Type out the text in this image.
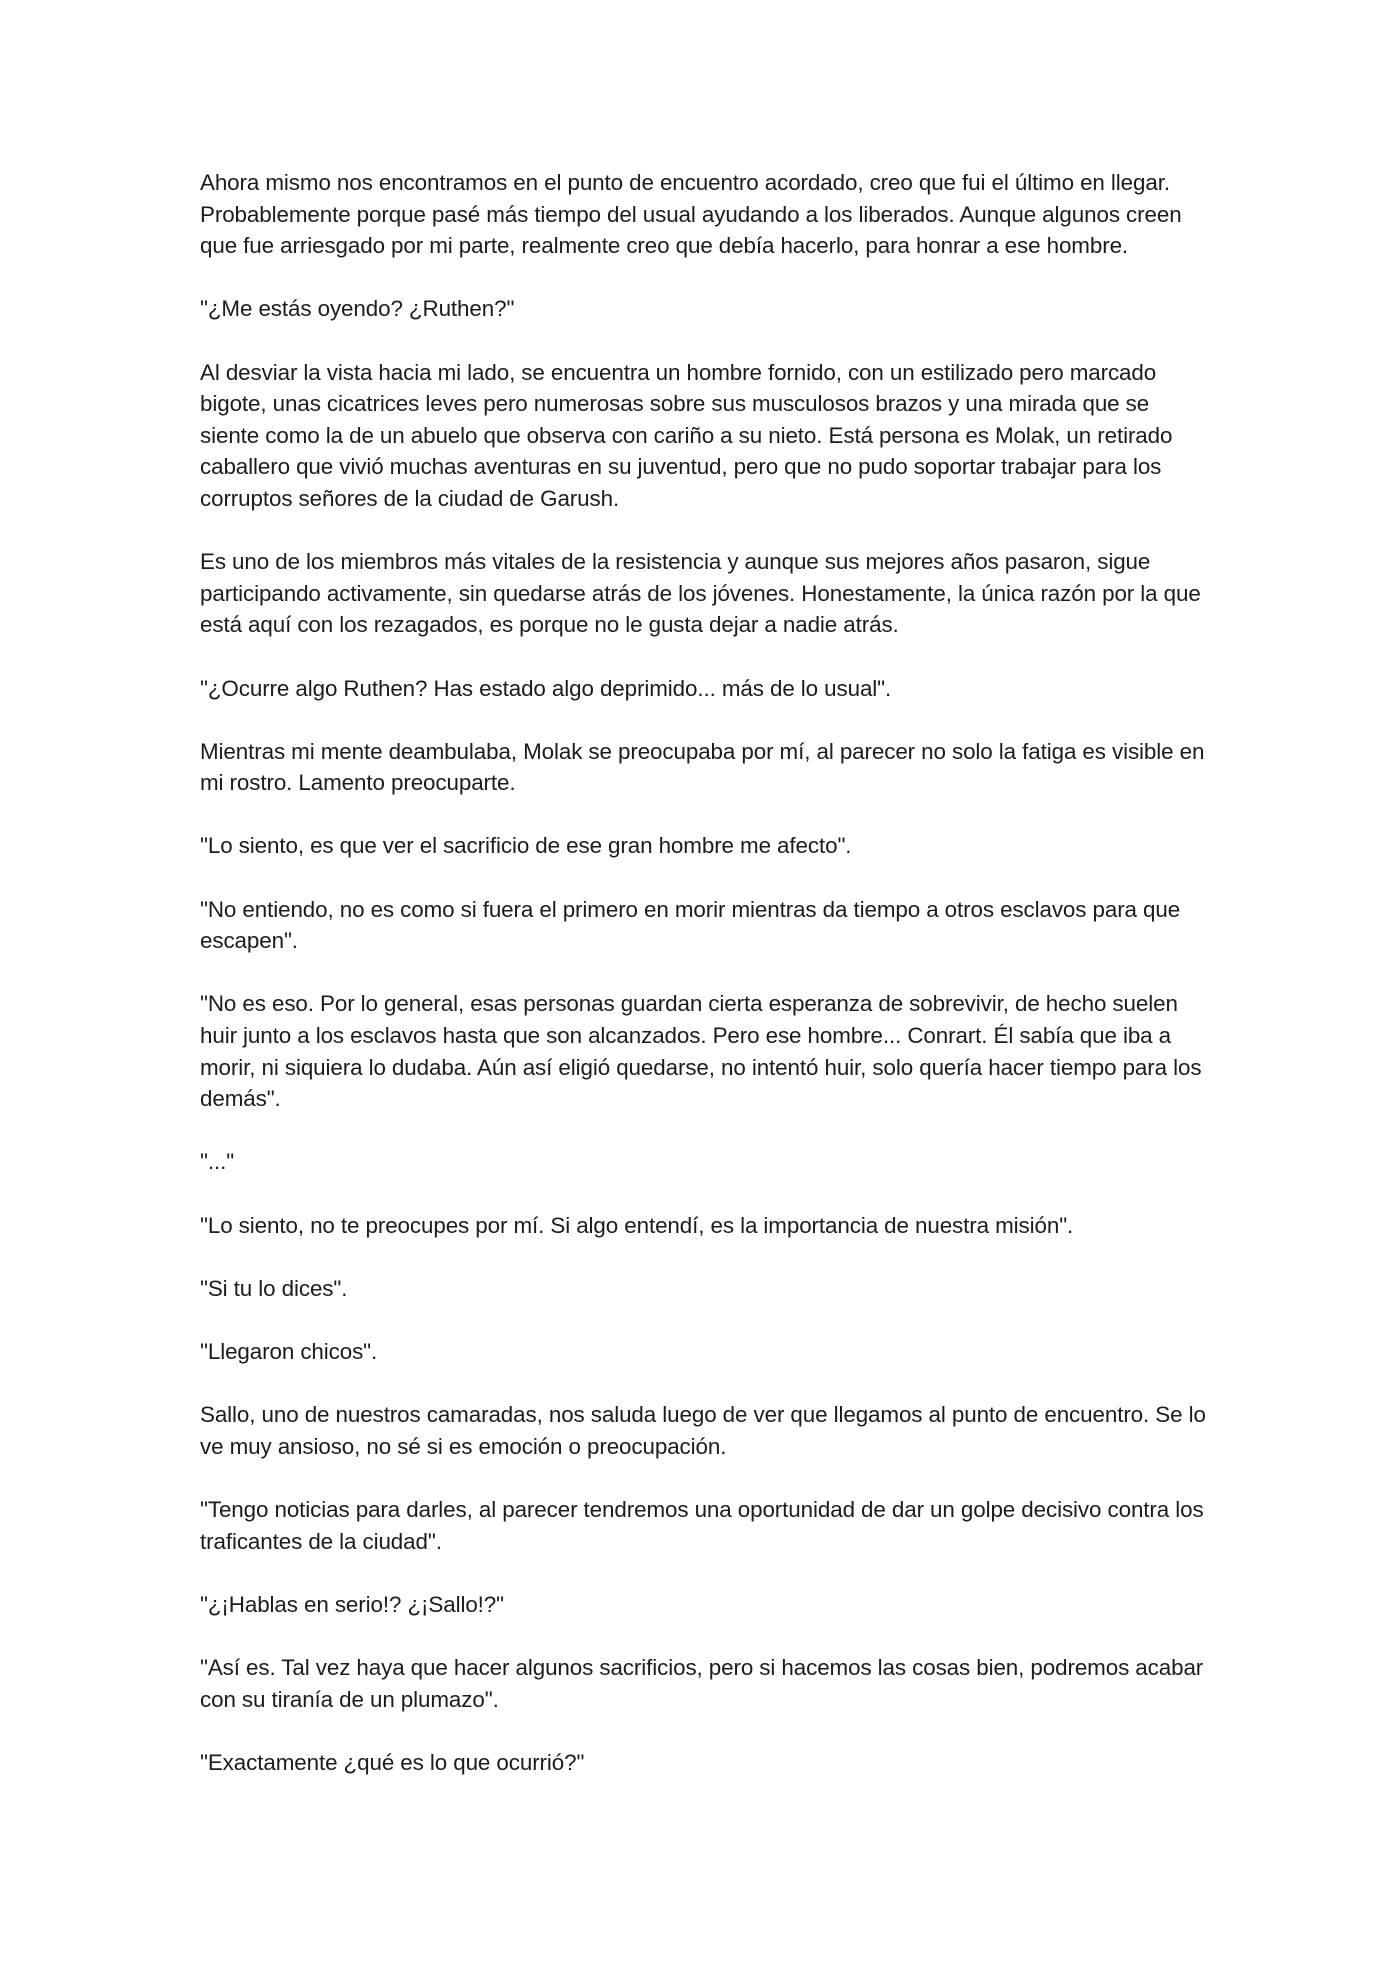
Ahora mismo nos encontramos en el punto de encuentro acordado, creo que fui el último en llegar. Probablemente porque pasé más tiempo del usual ayudando a los liberados. Aunque algunos creen que fue arriesgado por mi parte, realmente creo que debía hacerlo, para honrar a ese hombre.

"¿Me estás oyendo? ¿Ruthen?"

Al desviar la vista hacia mi lado, se encuentra un hombre fornido, con un estilizado pero marcado bigote, unas cicatrices leves pero numerosas sobre sus musculosos brazos y una mirada que se siente como la de un abuelo que observa con cariño a su nieto. Está persona es Molak, un retirado caballero que vivió muchas aventuras en su juventud, pero que no pudo soportar trabajar para los corruptos señores de la ciudad de Garush.

Es uno de los miembros más vitales de la resistencia y aunque sus mejores años pasaron, sigue participando activamente, sin quedarse atrás de los jóvenes. Honestamente, la única razón por la que está aquí con los rezagados, es porque no le gusta dejar a nadie atrás.

"¿Ocurre algo Ruthen? Has estado algo deprimido... más de lo usual".

Mientras mi mente deambulaba, Molak se preocupaba por mí, al parecer no solo la fatiga es visible en mi rostro. Lamento preocuparte.

"Lo siento, es que ver el sacrificio de ese gran hombre me afecto".

"No entiendo, no es como si fuera el primero en morir mientras da tiempo a otros esclavos para que escapen".

"No es eso. Por lo general, esas personas guardan cierta esperanza de sobrevivir, de hecho suelen huir junto a los esclavos hasta que son alcanzados. Pero ese hombre... Conrart. Él sabía que iba a morir, ni siquiera lo dudaba. Aún así eligió quedarse, no intentó huir, solo quería hacer tiempo para los demás".

"..."

"Lo siento, no te preocupes por mí. Si algo entendí, es la importancia de nuestra misión".

"Si tu lo dices".

"Llegaron chicos".

Sallo, uno de nuestros camaradas, nos saluda luego de ver que llegamos al punto de encuentro. Se lo ve muy ansioso, no sé si es emoción o preocupación.

"Tengo noticias para darles, al parecer tendremos una oportunidad de dar un golpe decisivo contra los traficantes de la ciudad".

"¿¡Hablas en serio!? ¿¡Sallo!?"

"Así es. Tal vez haya que hacer algunos sacrificios, pero si hacemos las cosas bien, podremos acabar con su tiranía de un plumazo".

"Exactamente ¿qué es lo que ocurrió?"
